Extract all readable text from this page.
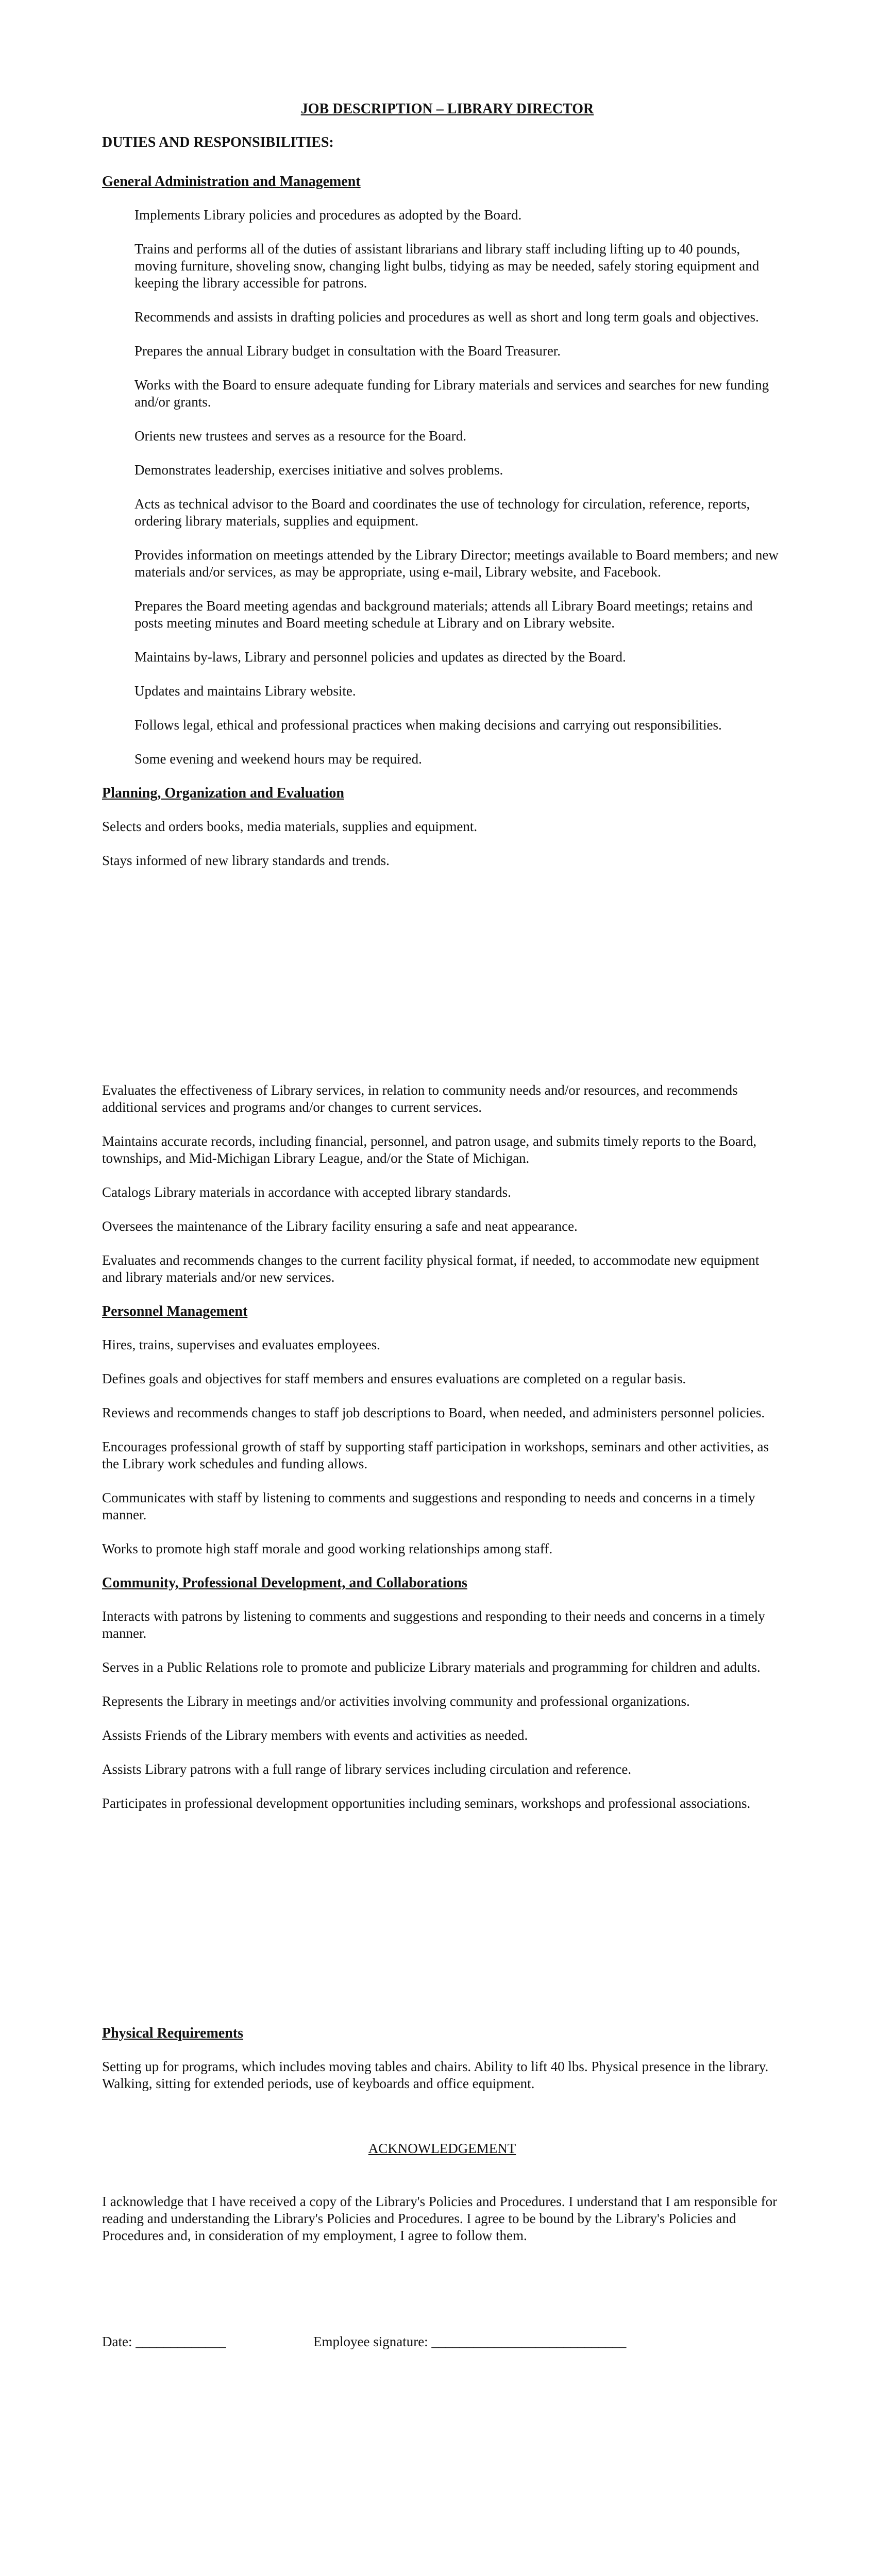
JOB DESCRIPTION – LIBRARY DIRECTOR
DUTIES AND RESPONSIBILITIES:
General Administration and Management

Implements Library policies and procedures as adopted by the Board.

Trains and performs all of the duties of assistant librarians and library staff including lifting up to 40 pounds, moving furniture, shoveling snow, changing light bulbs, tidying as may be needed, safely storing equipment and keeping the library accessible for patrons.

Recommends and assists in drafting policies and procedures as well as short and long term goals and objectives.

Prepares the annual Library budget in consultation with the Board Treasurer.

Works with the Board to ensure adequate funding for Library materials and services and searches for new funding and/or grants.

Orients new trustees and serves as a resource for the Board.

Demonstrates leadership, exercises initiative and solves problems.

Acts as technical advisor to the Board and coordinates the use of technology for circulation, reference, reports, ordering library materials, supplies and equipment.

Provides information on meetings attended by the Library Director; meetings available to Board members; and new materials and/or services, as may be appropriate, using e-mail, Library website, and Facebook.

Prepares the Board meeting agendas and background materials; attends all Library Board meetings; retains and posts meeting minutes and Board meeting schedule at Library and on Library website.

Maintains by-laws, Library and personnel policies and updates as directed by the Board.

Updates and maintains Library website.

Follows legal, ethical and professional practices when making decisions and carrying out responsibilities.

Some evening and weekend hours may be required.

Planning, Organization and Evaluation

Selects and orders books, media materials, supplies and equipment.

Stays informed of new library standards and trends.

Evaluates the effectiveness of Library services, in relation to community needs and/or resources, and recommends additional services and programs and/or changes to current services.

Maintains accurate records, including financial, personnel, and patron usage, and submits timely reports to the Board, townships, and Mid-Michigan Library League, and/or the State of Michigan.

Catalogs Library materials in accordance with accepted library standards.

Oversees the maintenance of the Library facility ensuring a safe and neat appearance.

Evaluates and recommends changes to the current facility physical format, if needed, to accommodate new equipment and library materials and/or new services.

Personnel Management

Hires, trains, supervises and evaluates employees.

Defines goals and objectives for staff members and ensures evaluations are completed on a regular basis.

Reviews and recommends changes to staff job descriptions to Board, when needed, and administers personnel policies.

Encourages professional growth of staff by supporting staff participation in workshops, seminars and other activities, as the Library work schedules and funding allows.

Communicates with staff by listening to comments and suggestions and responding to needs and concerns in a timely manner.

Works to promote high staff morale and good working relationships among staff.

Community, Professional Development, and Collaborations

Interacts with patrons by listening to comments and suggestions and responding to their needs and concerns in a timely manner.

Serves in a Public Relations role to promote and publicize Library materials and programming for children and adults.

Represents the Library in meetings and/or activities involving community and professional organizations.

Assists Friends of the Library members with events and activities as needed.

Assists Library patrons with a full range of library services including circulation and reference.

Participates in professional development opportunities including seminars, workshops and professional associations.

Physical Requirements

Setting up for programs, which includes moving tables and chairs. Ability to lift 40 lbs. Physical presence in the library. Walking, sitting for extended periods, use of keyboards and office equipment.

ACKNOWLEDGEMENT

I acknowledge that I have received a copy of the Library's Policies and Procedures. I understand that I am responsible for reading and understanding the Library's Policies and Procedures. I agree to be bound by the Library's Policies and Procedures and, in consideration of my employment, I agree to follow them.

Date: _____________	Employee signature: ____________________________
